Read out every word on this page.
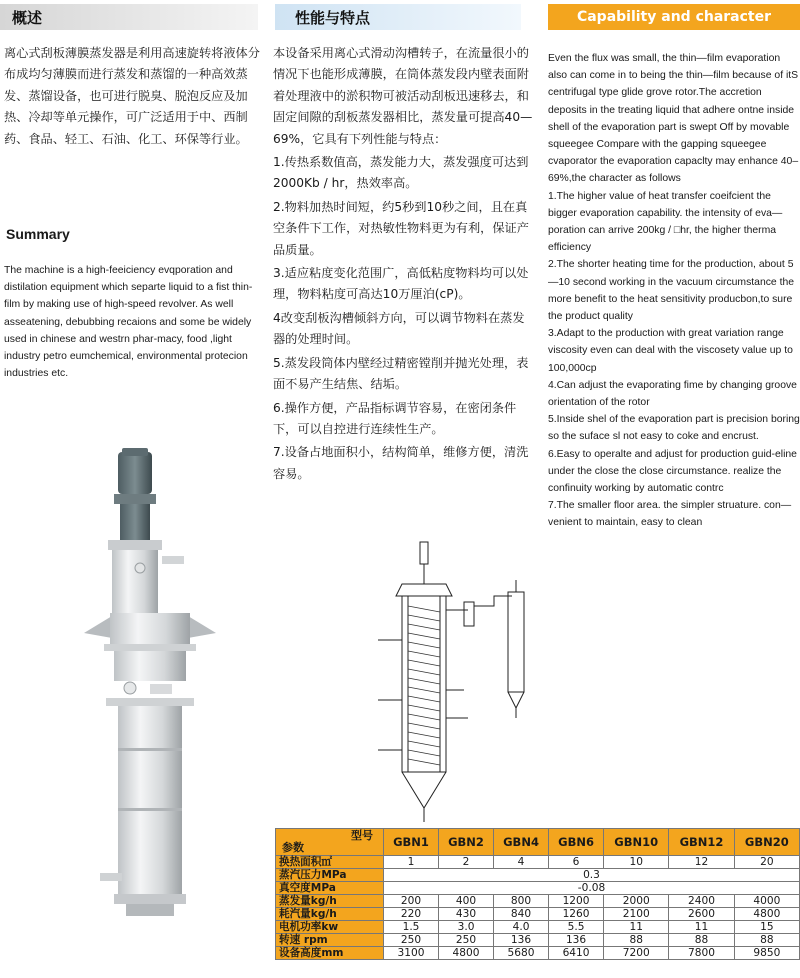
概述	性能与特点	Capability and character
离心式刮板薄膜蒸发器是利用高速旋转将液体分布成均匀薄膜而进行蒸发和蒸馏的一种高效蒸发、蒸馏设备，也可进行脱臭、脱泡反应及加热、冷却等单元操作，可广泛适用于中、西制药、食品、轻工、石油、化工、环保等行业。
Summary
The machine is a high-feeiciency evqporation and distilation equipment which separte liquid to a fist thin-film by making use of high-speed revolver. As well asseatening, debubbing recaions and some be widely used in chinese and westrn phar-macy, food ,light industry petro eumchemical, environmental protecion industries etc.

本设备采用离心式滑动沟槽转子，在流量很小的情况下也能形成薄膜，在筒体蒸发段内壁表面附着处理液中的淤积物可被活动刮板迅速移去，和固定间隙的刮板蒸发器相比，蒸发量可提高40—69%，它具有下列性能与特点：

1.传热系数值高，蒸发能力大，蒸发强度可达到2000Kb / hr，热效率高。

2.物料加热时间短，约5秒到10秒之间，且在真空条件下工作，对热敏性物料更为有利，保证产品质量。

3.适应粘度变化范围广，高低粘度物料均可以处理，物料粘度可高达10万厘泊(cP)。

4改变刮板沟槽倾斜方向，可以调节物料在蒸发器的处理时间。

5.蒸发段筒体内壁经过精密镗削并抛光处理，表面不易产生结焦、结垢。

6.操作方便，产品指标调节容易，在密闭条件下，可以自控进行连续性生产。

7.设备占地面积小，结构简单，维修方便，清洗容易。

Even the flux was small, the thin—film evaporation also can come in to being the thin—film because of itS centrifugal type glide grove rotor.The accretion deposits in the treating liquid that adhere ontne inside shell of the evaporation part is swept Off by movable squeegee Compare with the gapping squeegee cvaporator the evaporation capaclty may enhance 40–69%,the character as follows
1.The higher value of heat transfer coeifcient the bigger evaporation capability. the intensity of eva—poration can arrive 200kg / □hr, the higher therma efficiency
2.The shorter heating time for the production, about 5—10 second working in the vacuum circumstance the more benefit to the heat sensitivity producbon,to sure the product quality
3.Adapt to the production with great variation range viscosity even can deal with the viscosety value up to 100,000cp
4.Can adjust the evaporating fime by changing groove orientation of the rotor
5.Inside shel of the evaporation part is precision boring so the suface sl not easy to coke and encrust.
6.Easy to operalte and adjust for production guid-eline under the close the close circumstance. realize the confinuity working by automatic contrc
7.The smaller floor area. the simpler struature. con—venient to maintain, easy to clean
型号
参数	GBN1	GBN2	GBN4	GBN6	GBN10	GBN12	GBN20
换热面积㎡	1	2	4	6	10	12	20
蒸汽压力MPa	0.3						
真空度MPa	-0.08						
蒸发量kg/h	200	400	800	1200	2000	2400	4000
耗汽量kg/h	220	430	840	1260	2100	2600	4800
电机功率kw	1.5	3.0	4.0	5.5	11	11	15
转速 rpm	250	250	136	136	88	88	88
设备高度mm	3100	4800	5680	6410	7200	7800	9850
